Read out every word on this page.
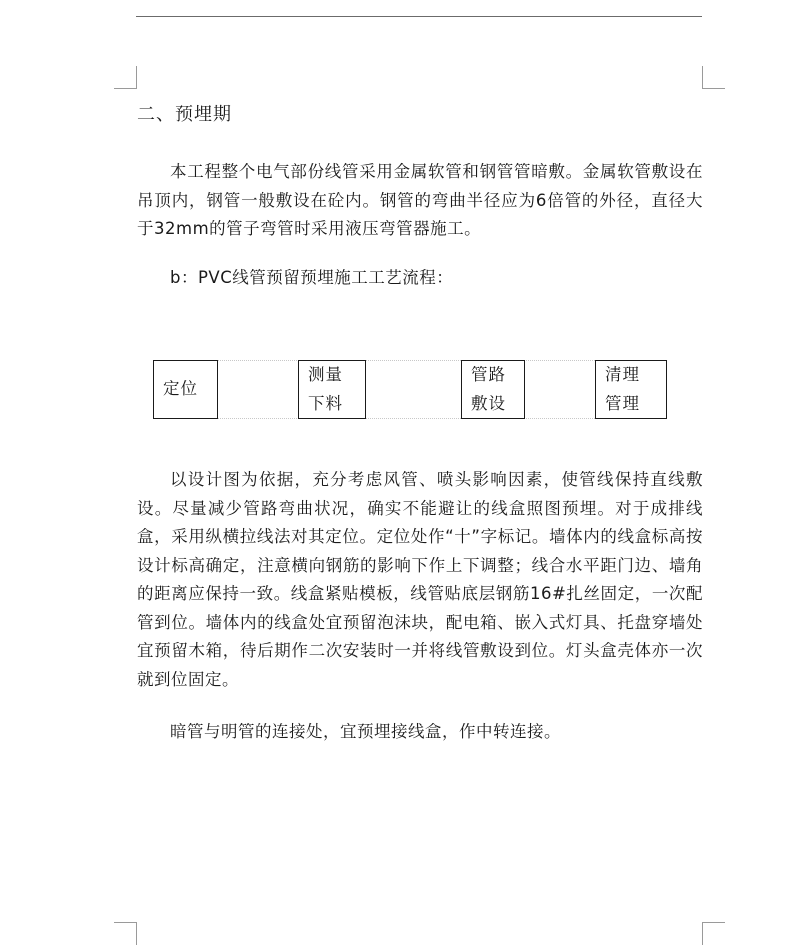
二、预埋期

本工程整个电气部份线管采用金属软管和钢管管暗敷。金属软管敷设在吊顶内，钢管一般敷设在砼内。钢管的弯曲半径应为6倍管的外径，直径大于32mm的管子弯管时采用液压弯管器施工。

b：PVC线管预留预埋施工工艺流程：

定位
测量
下料
管路
敷设
清理
管理

以设计图为依据，充分考虑风管、喷头影响因素，使管线保持直线敷设。尽量减少管路弯曲状况，确实不能避让的线盒照图预埋。对于成排线盒，采用纵横拉线法对其定位。定位处作“十”字标记。墙体内的线盒标高按设计标高确定，注意横向钢筋的影响下作上下调整；线合水平距门边、墙角的距离应保持一致。线盒紧贴模板，线管贴底层钢筋16#扎丝固定，一次配管到位。墙体内的线盒处宜预留泡沫块，配电箱、嵌入式灯具、托盘穿墙处宜预留木箱，待后期作二次安装时一并将线管敷设到位。灯头盒壳体亦一次就到位固定。

暗管与明管的连接处，宜预埋接线盒，作中转连接。
